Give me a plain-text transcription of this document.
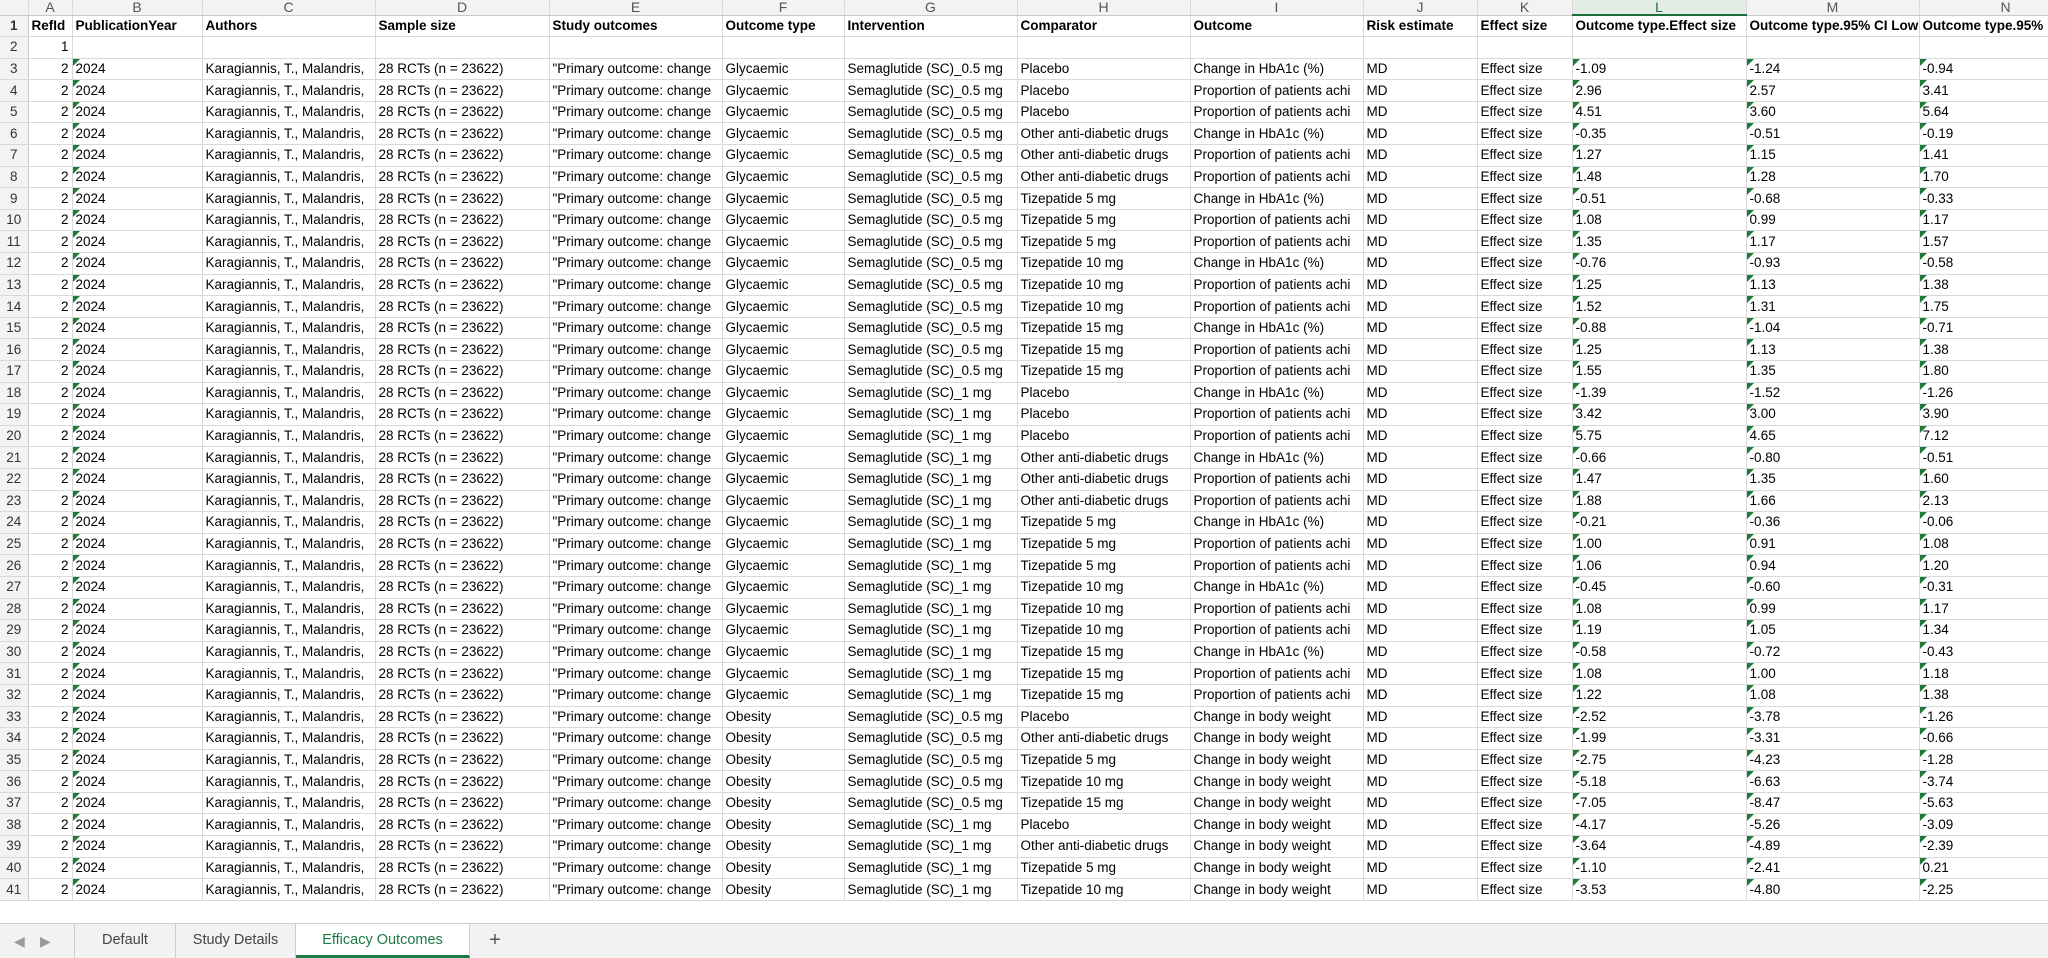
	A	B	C	D	E	F	G	H	I	J	K	L	M	N
1	RefId	PublicationYear	Authors	Sample size	Study outcomes	Outcome type	Intervention	Comparator	Outcome	Risk estimate	Effect size	Outcome type.Effect size	Outcome type.95% CI Low	Outcome type.95%
2	1													
3	2	2024	Karagiannis, T., Malandris,	28 RCTs (n = 23622)	"Primary outcome: change	Glycaemic	Semaglutide (SC)_0.5 mg	Placebo	Change in HbA1c (%)	MD	Effect size	-1.09	-1.24	-0.94
4	2	2024	Karagiannis, T., Malandris,	28 RCTs (n = 23622)	"Primary outcome: change	Glycaemic	Semaglutide (SC)_0.5 mg	Placebo	Proportion of patients achi	MD	Effect size	2.96	2.57	3.41
5	2	2024	Karagiannis, T., Malandris,	28 RCTs (n = 23622)	"Primary outcome: change	Glycaemic	Semaglutide (SC)_0.5 mg	Placebo	Proportion of patients achi	MD	Effect size	4.51	3.60	5.64
6	2	2024	Karagiannis, T., Malandris,	28 RCTs (n = 23622)	"Primary outcome: change	Glycaemic	Semaglutide (SC)_0.5 mg	Other anti-diabetic drugs	Change in HbA1c (%)	MD	Effect size	-0.35	-0.51	-0.19
7	2	2024	Karagiannis, T., Malandris,	28 RCTs (n = 23622)	"Primary outcome: change	Glycaemic	Semaglutide (SC)_0.5 mg	Other anti-diabetic drugs	Proportion of patients achi	MD	Effect size	1.27	1.15	1.41
8	2	2024	Karagiannis, T., Malandris,	28 RCTs (n = 23622)	"Primary outcome: change	Glycaemic	Semaglutide (SC)_0.5 mg	Other anti-diabetic drugs	Proportion of patients achi	MD	Effect size	1.48	1.28	1.70
9	2	2024	Karagiannis, T., Malandris,	28 RCTs (n = 23622)	"Primary outcome: change	Glycaemic	Semaglutide (SC)_0.5 mg	Tizepatide 5 mg	Change in HbA1c (%)	MD	Effect size	-0.51	-0.68	-0.33
10	2	2024	Karagiannis, T., Malandris,	28 RCTs (n = 23622)	"Primary outcome: change	Glycaemic	Semaglutide (SC)_0.5 mg	Tizepatide 5 mg	Proportion of patients achi	MD	Effect size	1.08	0.99	1.17
11	2	2024	Karagiannis, T., Malandris,	28 RCTs (n = 23622)	"Primary outcome: change	Glycaemic	Semaglutide (SC)_0.5 mg	Tizepatide 5 mg	Proportion of patients achi	MD	Effect size	1.35	1.17	1.57
12	2	2024	Karagiannis, T., Malandris,	28 RCTs (n = 23622)	"Primary outcome: change	Glycaemic	Semaglutide (SC)_0.5 mg	Tizepatide 10 mg	Change in HbA1c (%)	MD	Effect size	-0.76	-0.93	-0.58
13	2	2024	Karagiannis, T., Malandris,	28 RCTs (n = 23622)	"Primary outcome: change	Glycaemic	Semaglutide (SC)_0.5 mg	Tizepatide 10 mg	Proportion of patients achi	MD	Effect size	1.25	1.13	1.38
14	2	2024	Karagiannis, T., Malandris,	28 RCTs (n = 23622)	"Primary outcome: change	Glycaemic	Semaglutide (SC)_0.5 mg	Tizepatide 10 mg	Proportion of patients achi	MD	Effect size	1.52	1.31	1.75
15	2	2024	Karagiannis, T., Malandris,	28 RCTs (n = 23622)	"Primary outcome: change	Glycaemic	Semaglutide (SC)_0.5 mg	Tizepatide 15 mg	Change in HbA1c (%)	MD	Effect size	-0.88	-1.04	-0.71
16	2	2024	Karagiannis, T., Malandris,	28 RCTs (n = 23622)	"Primary outcome: change	Glycaemic	Semaglutide (SC)_0.5 mg	Tizepatide 15 mg	Proportion of patients achi	MD	Effect size	1.25	1.13	1.38
17	2	2024	Karagiannis, T., Malandris,	28 RCTs (n = 23622)	"Primary outcome: change	Glycaemic	Semaglutide (SC)_0.5 mg	Tizepatide 15 mg	Proportion of patients achi	MD	Effect size	1.55	1.35	1.80
18	2	2024	Karagiannis, T., Malandris,	28 RCTs (n = 23622)	"Primary outcome: change	Glycaemic	Semaglutide (SC)_1 mg	Placebo	Change in HbA1c (%)	MD	Effect size	-1.39	-1.52	-1.26
19	2	2024	Karagiannis, T., Malandris,	28 RCTs (n = 23622)	"Primary outcome: change	Glycaemic	Semaglutide (SC)_1 mg	Placebo	Proportion of patients achi	MD	Effect size	3.42	3.00	3.90
20	2	2024	Karagiannis, T., Malandris,	28 RCTs (n = 23622)	"Primary outcome: change	Glycaemic	Semaglutide (SC)_1 mg	Placebo	Proportion of patients achi	MD	Effect size	5.75	4.65	7.12
21	2	2024	Karagiannis, T., Malandris,	28 RCTs (n = 23622)	"Primary outcome: change	Glycaemic	Semaglutide (SC)_1 mg	Other anti-diabetic drugs	Change in HbA1c (%)	MD	Effect size	-0.66	-0.80	-0.51
22	2	2024	Karagiannis, T., Malandris,	28 RCTs (n = 23622)	"Primary outcome: change	Glycaemic	Semaglutide (SC)_1 mg	Other anti-diabetic drugs	Proportion of patients achi	MD	Effect size	1.47	1.35	1.60
23	2	2024	Karagiannis, T., Malandris,	28 RCTs (n = 23622)	"Primary outcome: change	Glycaemic	Semaglutide (SC)_1 mg	Other anti-diabetic drugs	Proportion of patients achi	MD	Effect size	1.88	1.66	2.13
24	2	2024	Karagiannis, T., Malandris,	28 RCTs (n = 23622)	"Primary outcome: change	Glycaemic	Semaglutide (SC)_1 mg	Tizepatide 5 mg	Change in HbA1c (%)	MD	Effect size	-0.21	-0.36	-0.06
25	2	2024	Karagiannis, T., Malandris,	28 RCTs (n = 23622)	"Primary outcome: change	Glycaemic	Semaglutide (SC)_1 mg	Tizepatide 5 mg	Proportion of patients achi	MD	Effect size	1.00	0.91	1.08
26	2	2024	Karagiannis, T., Malandris,	28 RCTs (n = 23622)	"Primary outcome: change	Glycaemic	Semaglutide (SC)_1 mg	Tizepatide 5 mg	Proportion of patients achi	MD	Effect size	1.06	0.94	1.20
27	2	2024	Karagiannis, T., Malandris,	28 RCTs (n = 23622)	"Primary outcome: change	Glycaemic	Semaglutide (SC)_1 mg	Tizepatide 10 mg	Change in HbA1c (%)	MD	Effect size	-0.45	-0.60	-0.31
28	2	2024	Karagiannis, T., Malandris,	28 RCTs (n = 23622)	"Primary outcome: change	Glycaemic	Semaglutide (SC)_1 mg	Tizepatide 10 mg	Proportion of patients achi	MD	Effect size	1.08	0.99	1.17
29	2	2024	Karagiannis, T., Malandris,	28 RCTs (n = 23622)	"Primary outcome: change	Glycaemic	Semaglutide (SC)_1 mg	Tizepatide 10 mg	Proportion of patients achi	MD	Effect size	1.19	1.05	1.34
30	2	2024	Karagiannis, T., Malandris,	28 RCTs (n = 23622)	"Primary outcome: change	Glycaemic	Semaglutide (SC)_1 mg	Tizepatide 15 mg	Change in HbA1c (%)	MD	Effect size	-0.58	-0.72	-0.43
31	2	2024	Karagiannis, T., Malandris,	28 RCTs (n = 23622)	"Primary outcome: change	Glycaemic	Semaglutide (SC)_1 mg	Tizepatide 15 mg	Proportion of patients achi	MD	Effect size	1.08	1.00	1.18
32	2	2024	Karagiannis, T., Malandris,	28 RCTs (n = 23622)	"Primary outcome: change	Glycaemic	Semaglutide (SC)_1 mg	Tizepatide 15 mg	Proportion of patients achi	MD	Effect size	1.22	1.08	1.38
33	2	2024	Karagiannis, T., Malandris,	28 RCTs (n = 23622)	"Primary outcome: change	Obesity	Semaglutide (SC)_0.5 mg	Placebo	Change in body weight	MD	Effect size	-2.52	-3.78	-1.26
34	2	2024	Karagiannis, T., Malandris,	28 RCTs (n = 23622)	"Primary outcome: change	Obesity	Semaglutide (SC)_0.5 mg	Other anti-diabetic drugs	Change in body weight	MD	Effect size	-1.99	-3.31	-0.66
35	2	2024	Karagiannis, T., Malandris,	28 RCTs (n = 23622)	"Primary outcome: change	Obesity	Semaglutide (SC)_0.5 mg	Tizepatide 5 mg	Change in body weight	MD	Effect size	-2.75	-4.23	-1.28
36	2	2024	Karagiannis, T., Malandris,	28 RCTs (n = 23622)	"Primary outcome: change	Obesity	Semaglutide (SC)_0.5 mg	Tizepatide 10 mg	Change in body weight	MD	Effect size	-5.18	-6.63	-3.74
37	2	2024	Karagiannis, T., Malandris,	28 RCTs (n = 23622)	"Primary outcome: change	Obesity	Semaglutide (SC)_0.5 mg	Tizepatide 15 mg	Change in body weight	MD	Effect size	-7.05	-8.47	-5.63
38	2	2024	Karagiannis, T., Malandris,	28 RCTs (n = 23622)	"Primary outcome: change	Obesity	Semaglutide (SC)_1 mg	Placebo	Change in body weight	MD	Effect size	-4.17	-5.26	-3.09
39	2	2024	Karagiannis, T., Malandris,	28 RCTs (n = 23622)	"Primary outcome: change	Obesity	Semaglutide (SC)_1 mg	Other anti-diabetic drugs	Change in body weight	MD	Effect size	-3.64	-4.89	-2.39
40	2	2024	Karagiannis, T., Malandris,	28 RCTs (n = 23622)	"Primary outcome: change	Obesity	Semaglutide (SC)_1 mg	Tizepatide 5 mg	Change in body weight	MD	Effect size	-1.10	-2.41	0.21
41	2	2024	Karagiannis, T., Malandris,	28 RCTs (n = 23622)	"Primary outcome: change	Obesity	Semaglutide (SC)_1 mg	Tizepatide 10 mg	Change in body weight	MD	Effect size	-3.53	-4.80	-2.25
◀ ▶	Default	Study Details	Efficacy Outcomes	+
